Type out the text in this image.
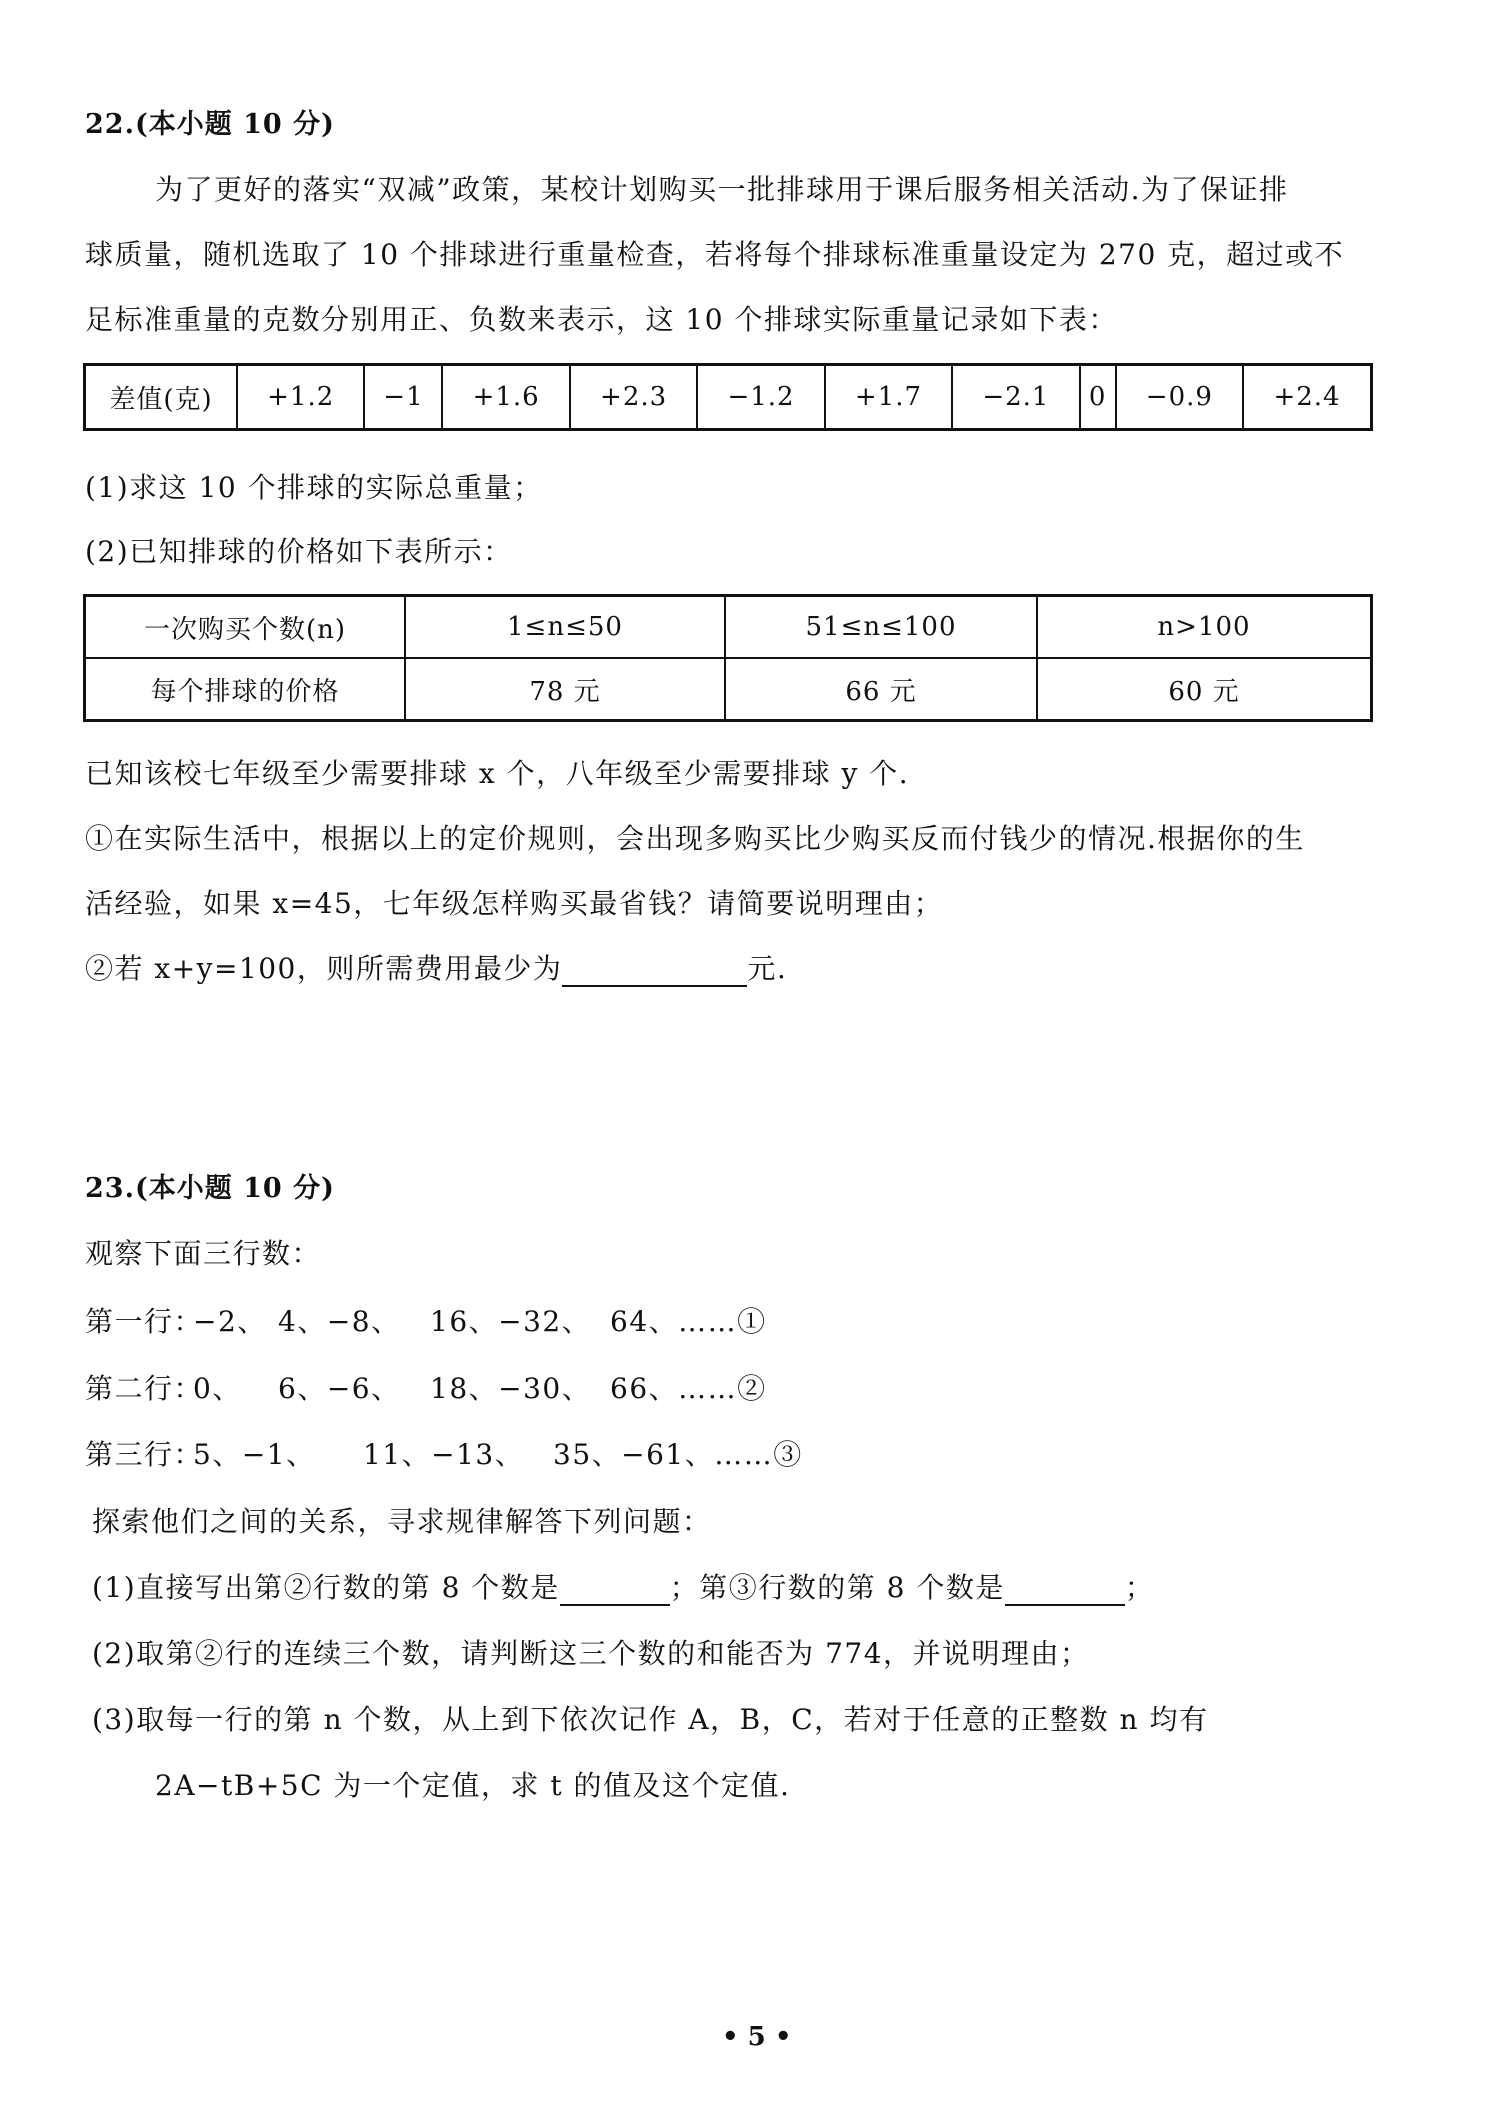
22.(本小题 10 分)
为了更好的落实“双减”政策，某校计划购买一批排球用于课后服务相关活动.为了保证排
球质量，随机选取了 10 个排球进行重量检查，若将每个排球标准重量设定为 270 克，超过或不
足标准重量的克数分别用正、负数来表示，这 10 个排球实际重量记录如下表：
差值(克)	+1.2	−1	+1.6	+2.3	−1.2	+1.7	−2.1	0	−0.9	+2.4
(1)求这 10 个排球的实际总重量；
(2)已知排球的价格如下表所示：
一次购买个数(n)	1≤n≤50	51≤n≤100	n>100
每个排球的价格	78 元	66 元	60 元
已知该校七年级至少需要排球 x 个，八年级至少需要排球 y 个.
①在实际生活中，根据以上的定价规则，会出现多购买比少购买反而付钱少的情况.根据你的生
活经验，如果 x=45，七年级怎样购买最省钱？请简要说明理由；
②若 x+y=100，则所需费用最少为	元.
23.(本小题 10 分)
观察下面三行数：
第一行：−2、 4、−8、 16、−32、 64、……①
第二行：0、 6、−6、 18、−30、 66、……②
第三行：5、−1、 11、−13、 35、−61、……③
探索他们之间的关系，寻求规律解答下列问题：
(1)直接写出第②行数的第 8 个数是	；第③行数的第 8 个数是	；
(2)取第②行的连续三个数，请判断这三个数的和能否为 774，并说明理由；
(3)取每一行的第 n 个数，从上到下依次记作 A，B，C，若对于任意的正整数 n 均有
2A−tB+5C 为一个定值，求 t 的值及这个定值.
• 5 •
